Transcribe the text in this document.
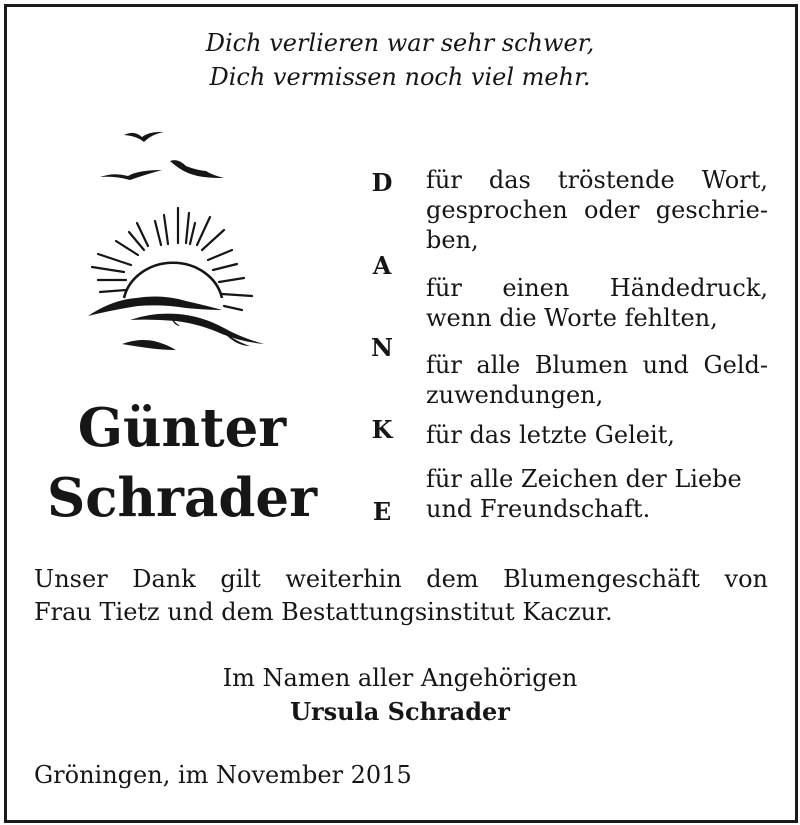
Dich verlieren war sehr schwer,
Dich vermissen noch viel mehr.
Günter
Schrader
D
A
N
K
E
für das tröstende Wort,
gesprochen oder geschrie-
ben,
für einen Händedruck,
wenn die Worte fehlten,
für alle Blumen und Geld-
zuwendungen,
für das letzte Geleit,
für alle Zeichen der Liebe
und Freundschaft.
Unser Dank gilt weiterhin dem Blumengeschäft von
Frau Tietz und dem Bestattungsinstitut Kaczur.
Im Namen aller Angehörigen
Ursula Schrader
Gröningen, im November 2015
